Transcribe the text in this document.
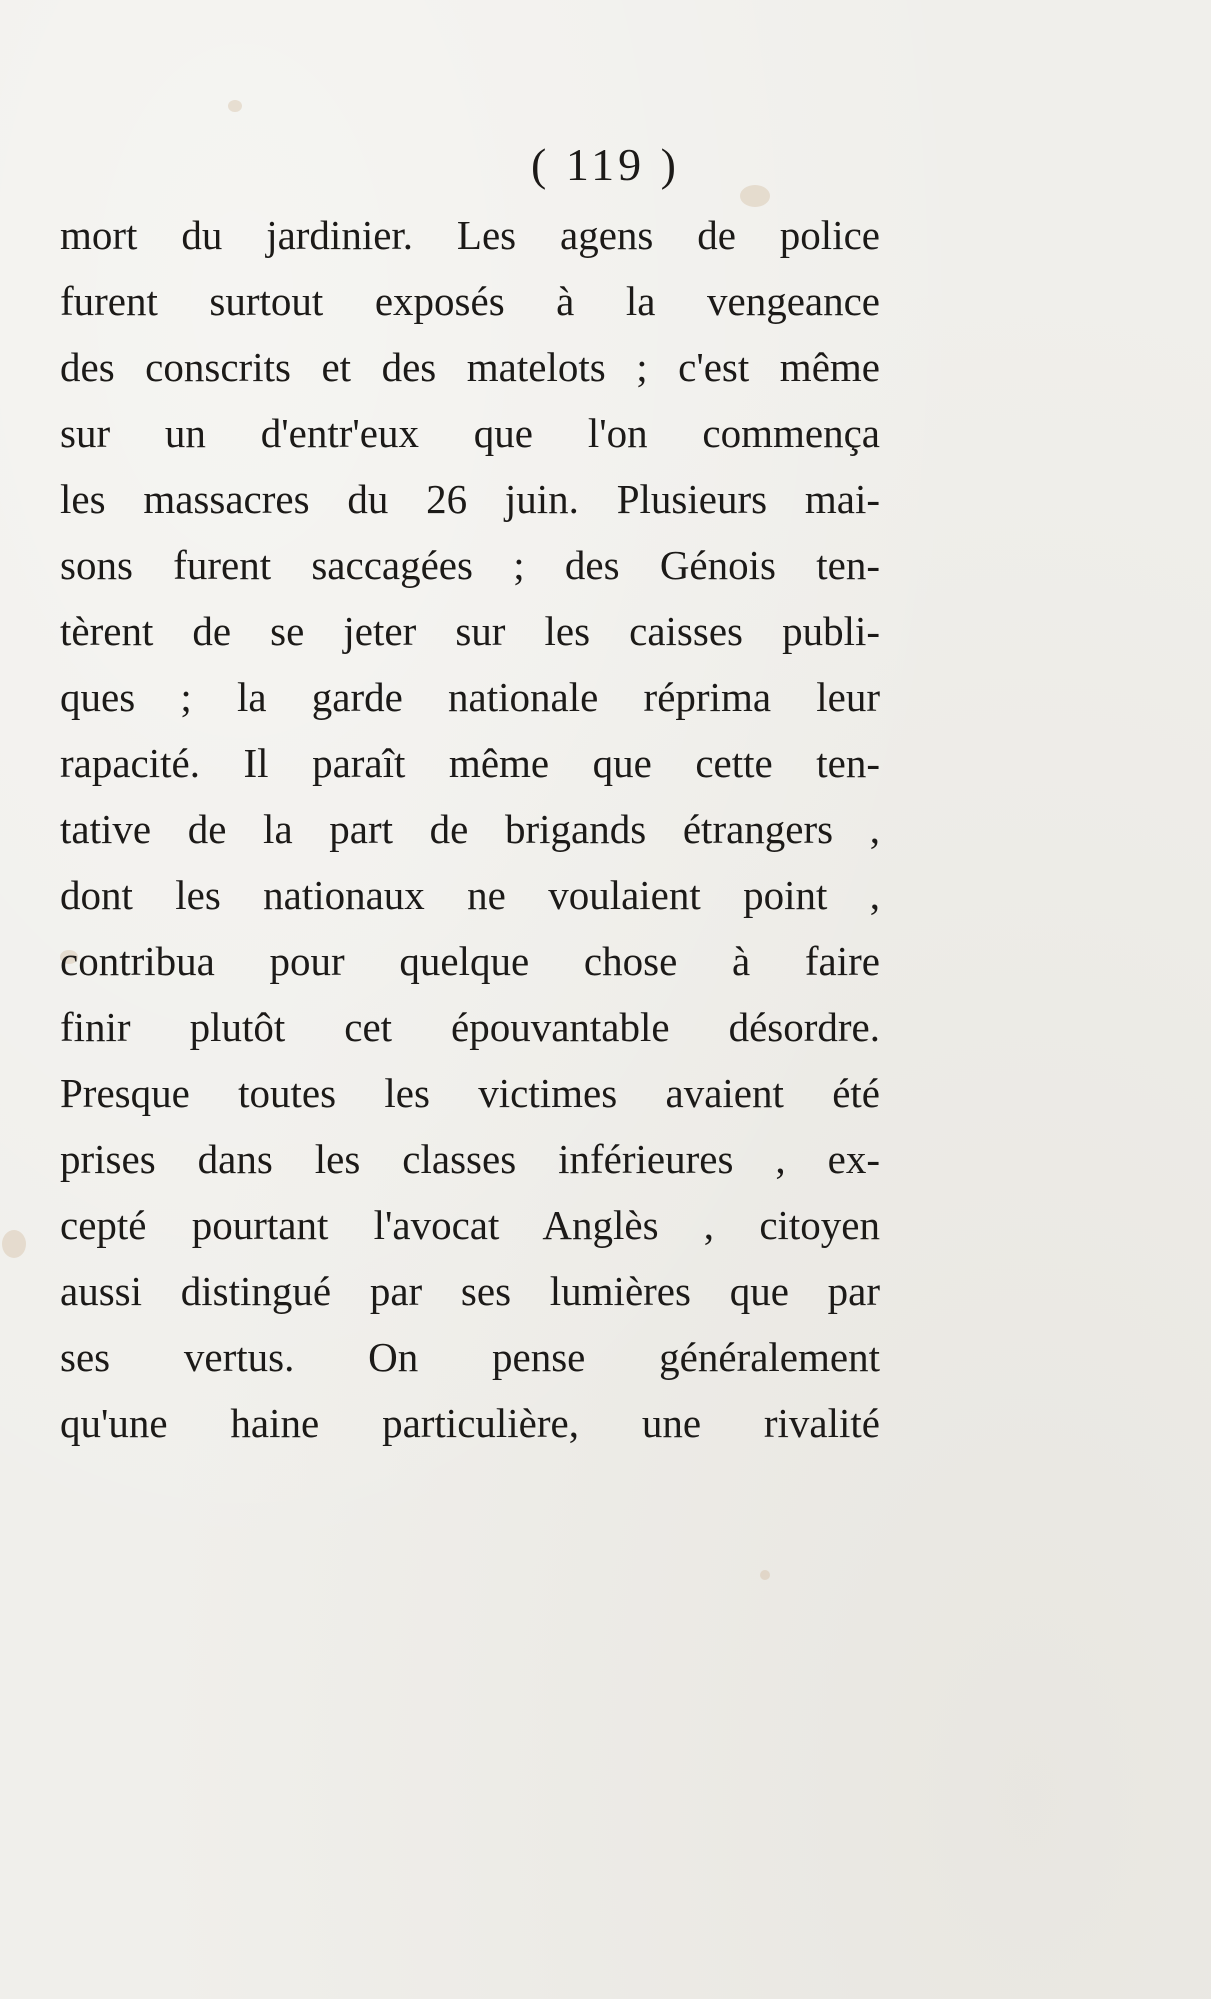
( 119 )
mort du jardinier. Les agens de police
furent surtout exposés à la vengeance
des conscrits et des matelots ; c'est même
sur un d'entr'eux que l'on commença
les massacres du 26 juin. Plusieurs mai-
sons furent saccagées ; des Génois ten-
tèrent de se jeter sur les caisses publi-
ques ; la garde nationale réprima leur
rapacité. Il paraît même que cette ten-
tative de la part de brigands étrangers ,
dont les nationaux ne voulaient point ,
contribua pour quelque chose à faire
finir plutôt cet épouvantable désordre.
Presque toutes les victimes avaient été
prises dans les classes inférieures , ex-
cepté pourtant l'avocat Anglès , citoyen
aussi distingué par ses lumières que par
ses vertus. On pense généralement
qu'une haine particulière, une rivalité
